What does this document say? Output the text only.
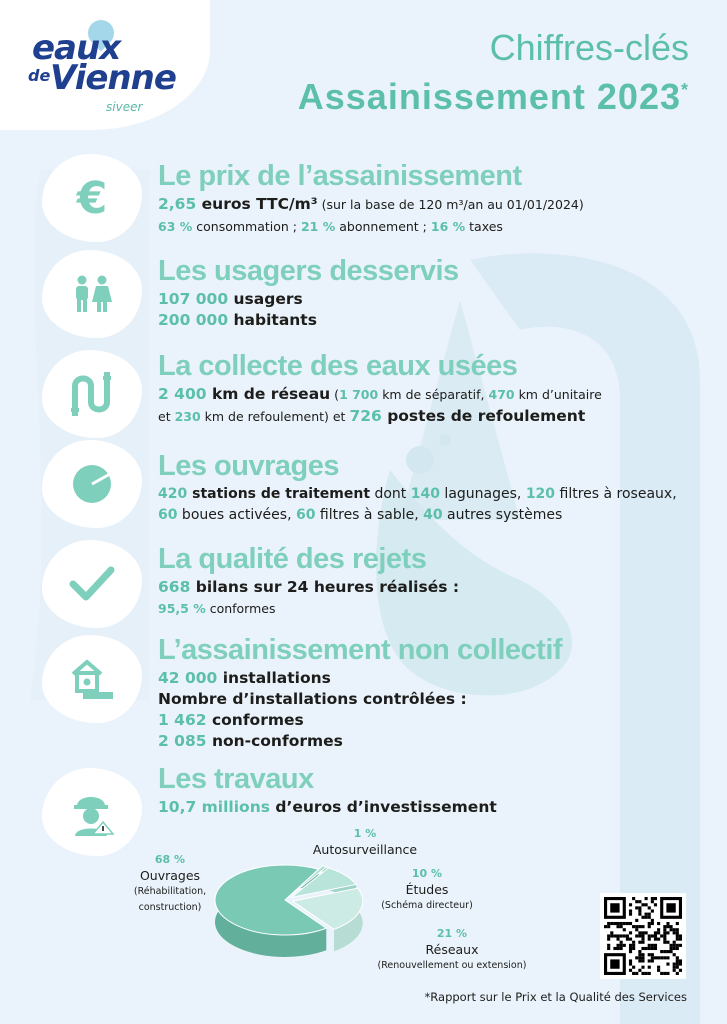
eaux
de Vienne
siveer
Chiffres-clés
Assainissement 2023*
€ Le prix de l’assainissement
2,65 euros TTC/m³ (sur la base de 120 m³/an au 01/01/2024)
63 % consommation ; 21 % abonnement ; 16 % taxes
Les usagers desservis
107 000 usagers
200 000 habitants
La collecte des eaux usées
2 400 km de réseau (1 700 km de séparatif, 470 km d’unitaire
et 230 km de refoulement) et 726 postes de refoulement
Les ouvrages
420 stations de traitement dont 140 lagunages, 120 filtres à roseaux,
60 boues activées, 60 filtres à sable, 40 autres systèmes
La qualité des rejets
668 bilans sur 24 heures réalisés :
95,5 % conformes
L’assainissement non collectif
42 000 installations
Nombre d’installations contrôlées :
1 462 conformes
2 085 non-conformes
Les travaux
10,7 millions d’euros d’investissement
68 %
Ouvrages
(Réhabilitation, construction)
1 %
Autosurveillance
10 %
Études
(Schéma directeur)
21 %
Réseaux
(Renouvellement ou extension)
*Rapport sur le Prix et la Qualité des Services
